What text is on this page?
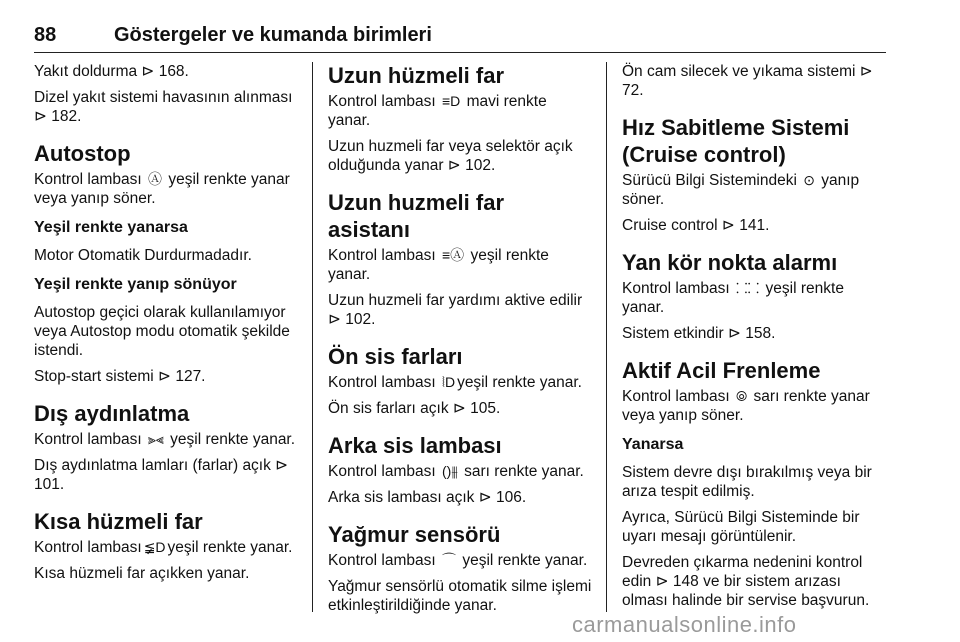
88	Göstergeler ve kumanda birimleri

Yakıt doldurma ⊳ 168.

Dizel yakıt sistemi havasının alınması ⊳ 182.

Autostop

Kontrol lambası Ⓐ yeşil renkte yanar veya yanıp söner.

Yeşil renkte yanarsa

Motor Otomatik Durdurmadadır.

Yeşil renkte yanıp sönüyor

Autostop geçici olarak kullanılamıyor veya Autostop modu otomatik şekilde istendi.

Stop-start sistemi ⊳ 127.

Dış aydınlatma

Kontrol lambası ⫸⫷ yeşil renkte yanar.

Dış aydınlatma lamları (farlar) açık ⊳ 101.

Kısa hüzmeli far

Kontrol lambası ≨D yeşil renkte yanar.

Kısa hüzmeli far açıkken yanar.

Uzun hüzmeli far

Kontrol lambası ≡D mavi renkte yanar.

Uzun huzmeli far veya selektör açık olduğunda yanar ⊳ 102.

Uzun huzmeli far asistanı

Kontrol lambası ≡Ⓐ yeşil renkte yanar.

Uzun huzmeli far yardımı aktive edilir ⊳ 102.

Ön sis farları

Kontrol lambası ⦚D yeşil renkte yanar.

Ön sis farları açık ⊳ 105.

Arka sis lambası

Kontrol lambası ()⫵ sarı renkte yanar.

Arka sis lambası açık ⊳ 106.

Yağmur sensörü

Kontrol lambası ⌒ yeşil renkte yanar.

Yağmur sensörlü otomatik silme işlemi etkinleştirildiğinde yanar.

Ön cam silecek ve yıkama sistemi ⊳ 72.

Hız Sabitleme Sistemi (Cruise control)

Sürücü Bilgi Sistemindeki ⊙ yanıp söner.

Cruise control ⊳ 141.

Yan kör nokta alarmı

Kontrol lambası ⸬⸬ yeşil renkte yanar.

Sistem etkindir ⊳ 158.

Aktif Acil Frenleme

Kontrol lambası ⦾ sarı renkte yanar veya yanıp söner.

Yanarsa

Sistem devre dışı bırakılmış veya bir arıza tespit edilmiş.

Ayrıca, Sürücü Bilgi Sisteminde bir uyarı mesajı görüntülenir.

Devreden çıkarma nedenini kontrol edin ⊳ 148 ve bir sistem arızası olması halinde bir servise başvurun.

carmanualsonline.info
